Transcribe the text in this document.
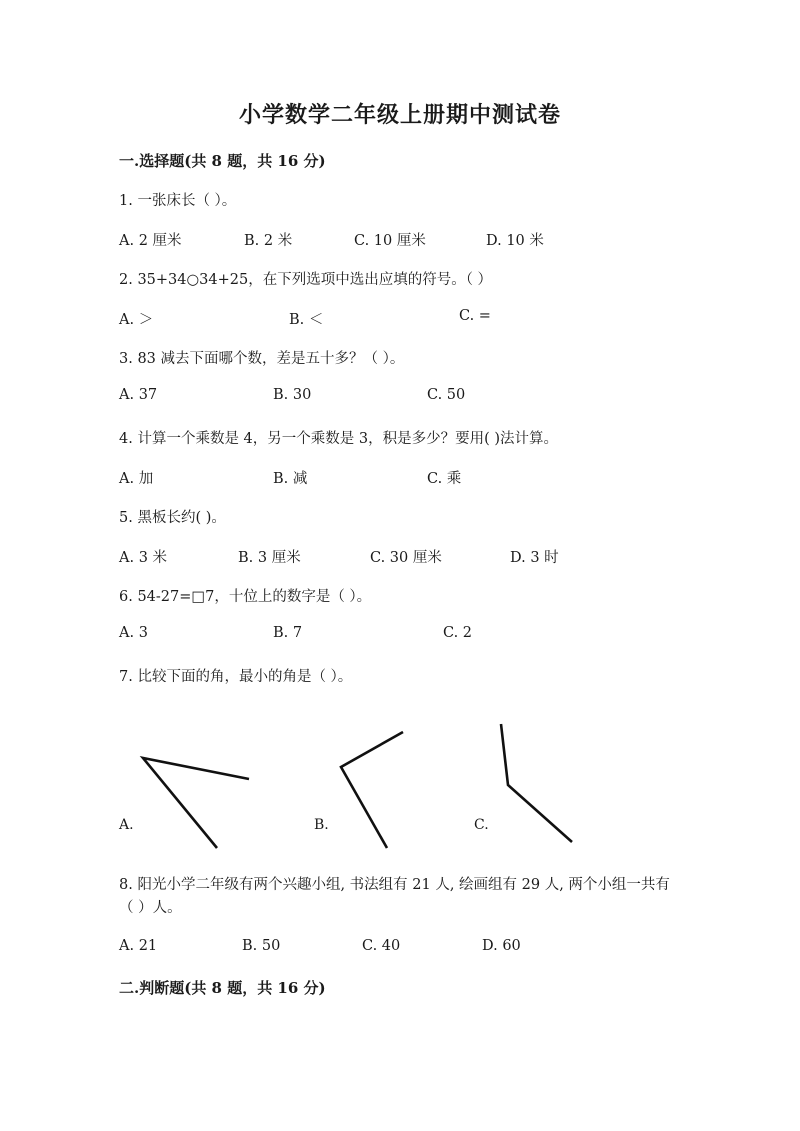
小学数学二年级上册期中测试卷
一.选择题(共 8 题，共 16 分)
1. 一张床长（ ）。
A. 2 厘米	B. 2 米	C. 10 厘米	D. 10 米
2. 35+34○34+25，在下列选项中选出应填的符号。（ ）
A. ＞	B. ＜	C. =
3. 83 减去下面哪个数，差是五十多？（ ）。
A. 37	B. 30	C. 50
4. 计算一个乘数是 4，另一个乘数是 3，积是多少？要用( )法计算。
A. 加	B. 减	C. 乘
5. 黑板长约( )。
A. 3 米	B. 3 厘米	C. 30 厘米	D. 3 时
6. 54-27=□7，十位上的数字是（ ）。
A. 3	B. 7	C. 2
7. 比较下面的角，最小的角是（ ）。
A.	B.	C.
8. 阳光小学二年级有两个兴趣小组, 书法组有 21 人, 绘画组有 29 人, 两个小组一共有（ ）人。
A. 21	B. 50	C. 40	D. 60
二.判断题(共 8 题，共 16 分)
